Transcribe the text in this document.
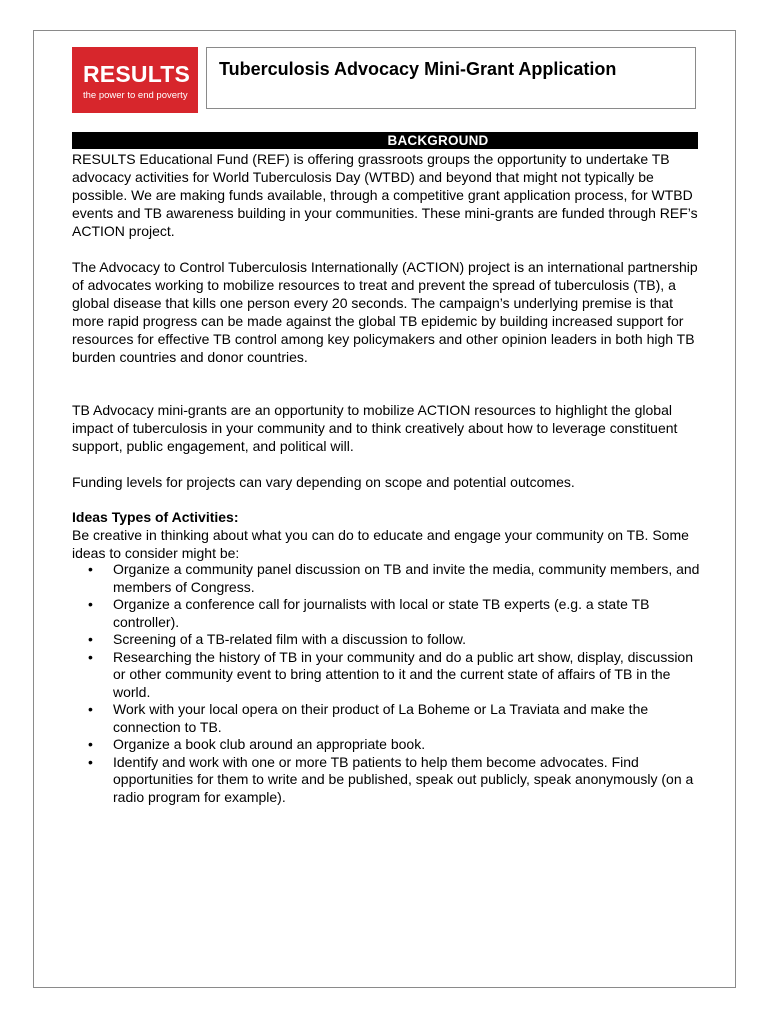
RESULTS
the power to end poverty
Tuberculosis Advocacy Mini-Grant Application
BACKGROUND

RESULTS Educational Fund (REF) is offering grassroots groups the opportunity to undertake TB advocacy activities for World Tuberculosis Day (WTBD) and beyond that might not typically be possible. We are making funds available, through a competitive grant application process, for WTBD events and TB awareness building in your communities. These mini-grants are funded through REF’s ACTION project.

The Advocacy to Control Tuberculosis Internationally (ACTION) project is an international partnership of advocates working to mobilize resources to treat and prevent the spread of tuberculosis (TB), a global disease that kills one person every 20 seconds. The campaign’s underlying premise is that more rapid progress can be made against the global TB epidemic by building increased support for resources for effective TB control among key policymakers and other opinion leaders in both high TB burden countries and donor countries.

TB Advocacy mini-grants are an opportunity to mobilize ACTION resources to highlight the global impact of tuberculosis in your community and to think creatively about how to leverage constituent support, public engagement, and political will.

Funding levels for projects can vary depending on scope and potential outcomes.

Ideas Types of Activities:

Be creative in thinking about what you can do to educate and engage your community on TB. Some ideas to consider might be:

• Organize a community panel discussion on TB and invite the media, community members, and members of Congress.
• Organize a conference call for journalists with local or state TB experts (e.g. a state TB controller).
• Screening of a TB-related film with a discussion to follow.
• Researching the history of TB in your community and do a public art show, display, discussion or other community event to bring attention to it and the current state of affairs of TB in the world.
• Work with your local opera on their product of La Boheme or La Traviata and make the connection to TB.
• Organize a book club around an appropriate book.
• Identify and work with one or more TB patients to help them become advocates. Find opportunities for them to write and be published, speak out publicly, speak anonymously (on a radio program for example).
